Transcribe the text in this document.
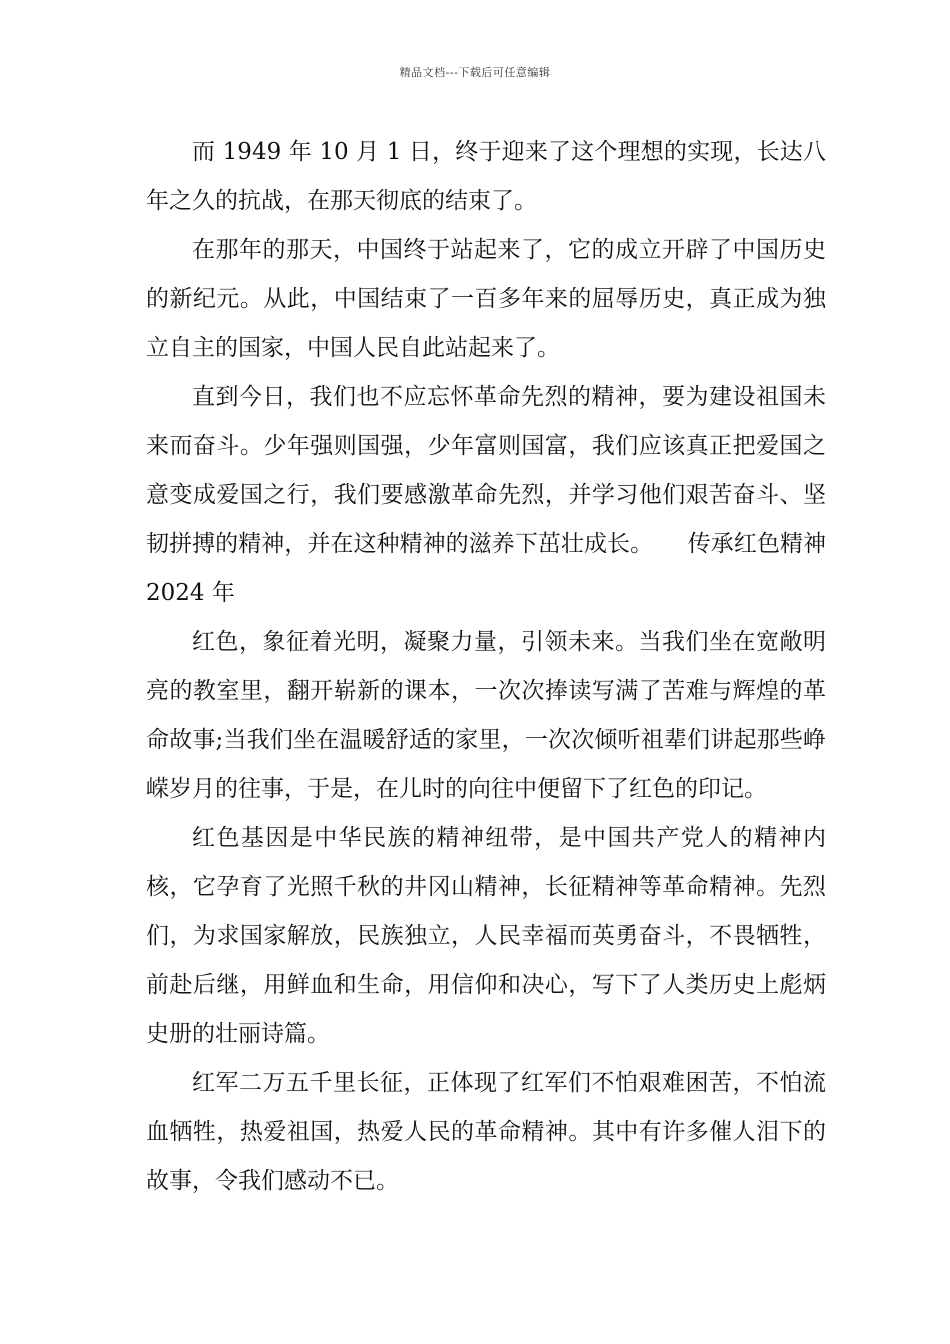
精品文档---下载后可任意编辑

而 1949 年 10 月 1 日，终于迎来了这个理想的实现，长达八年之久的抗战，在那天彻底的结束了。

在那年的那天，中国终于站起来了，它的成立开辟了中国历史的新纪元。从此，中国结束了一百多年来的屈辱历史，真正成为独立自主的国家，中国人民自此站起来了。

直到今日，我们也不应忘怀革命先烈的精神，要为建设祖国未来而奋斗。少年强则国强，少年富则国富，我们应该真正把爱国之意变成爱国之行，我们要感激革命先烈，并学习他们艰苦奋斗、坚韧拼搏的精神，并在这种精神的滋养下茁壮成长。　　传承红色精神 2024 年

红色，象征着光明，凝聚力量，引领未来。当我们坐在宽敞明亮的教室里，翻开崭新的课本，一次次捧读写满了苦难与辉煌的革命故事;当我们坐在温暖舒适的家里，一次次倾听祖辈们讲起那些峥嵘岁月的往事，于是，在儿时的向往中便留下了红色的印记。

红色基因是中华民族的精神纽带，是中国共产党人的精神内核，它孕育了光照千秋的井冈山精神，长征精神等革命精神。先烈们，为求国家解放，民族独立，人民幸福而英勇奋斗，不畏牺牲，前赴后继，用鲜血和生命，用信仰和决心，写下了人类历史上彪炳史册的壮丽诗篇。

红军二万五千里长征，正体现了红军们不怕艰难困苦，不怕流血牺牲，热爱祖国，热爱人民的革命精神。其中有许多催人泪下的故事，令我们感动不已。
